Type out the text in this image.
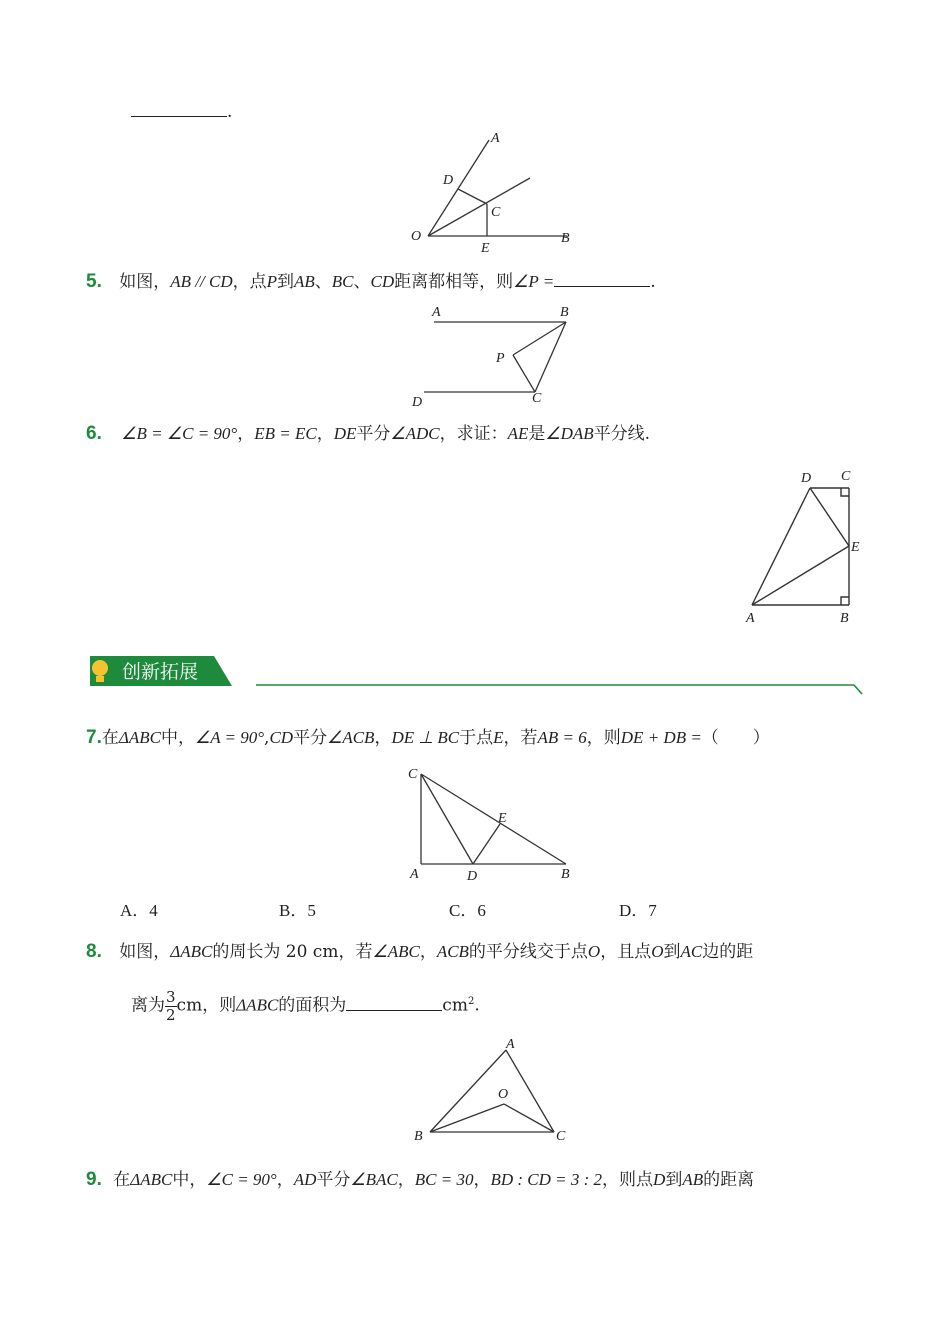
.
A
D
C
O
E
B
5. 如图，AB // CD，点P到AB、BC、CD距离都相等，则∠P =	.
A	B
P
C
D
6. ∠B = ∠C = 90°，EB = EC，DE平分∠ADC，求证：AE是∠DAB平分线.
D C
E
A	B
创新拓展
7.在ΔABC中，∠A = 90°,CD平分∠ACB，DE ⊥ BC于点E，若AB = 6，则DE + DB =（　　）
C
E
A	D	B
A．4	B．5	C．6	D．7
8. 如图，ΔABC的周长为 20 cm，若∠ABC，ACB的平分线交于点O，且点O到AC边的距
离为 $\frac{3}{2}$ cm，则ΔABC的面积为	$cm^2$.
A
O
B	C
9. 在ΔABC中，∠C = 90°，AD平分∠BAC，BC = 30，BD : CD = 3 : 2，则点D到AB的距离
